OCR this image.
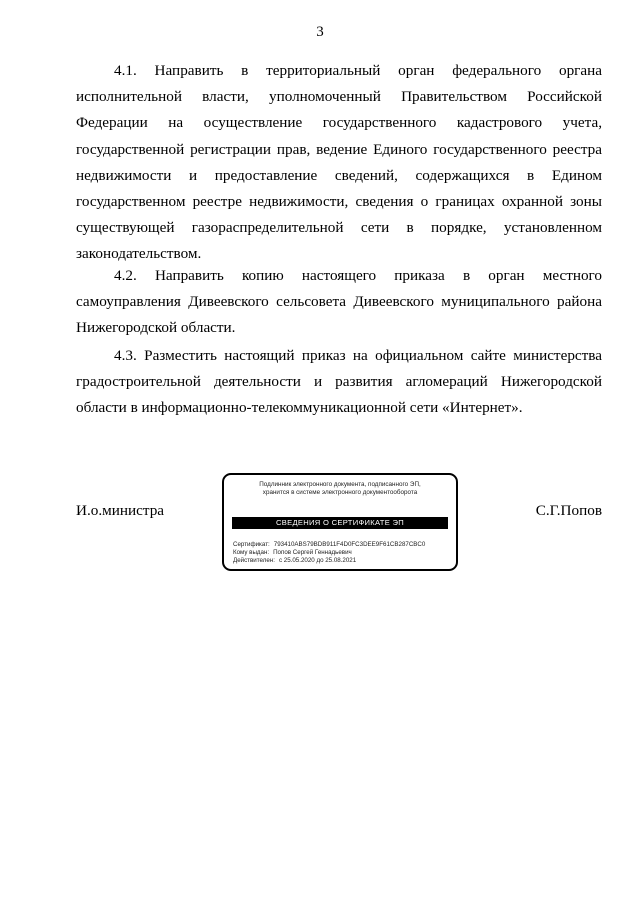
3

4.1. Направить в территориальный орган федерального органа исполнительной власти, уполномоченный Правительством Российской Федерации на осуществление государственного кадастрового учета, государственной регистрации прав, ведение Единого государственного реестра недвижимости и предоставление сведений, содержащихся в Едином государственном реестре недвижимости, сведения о границах охранной зоны существующей газораспределительной сети в порядке, установленном законодательством.

4.2. Направить копию настоящего приказа в орган местного самоуправления Дивеевского сельсовета Дивеевского муниципального района Нижегородской области.

4.3. Разместить настоящий приказ на официальном сайте министерства градостроительной деятельности и развития агломераций Нижегородской области в информационно-телекоммуникационной сети «Интернет».

И.о.министра	С.Г.Попов
Подлинник электронного документа, подписанного ЭП,
хранится в системе электронного документооборота
СВЕДЕНИЯ О СЕРТИФИКАТЕ ЭП
Сертификат: 793410ABS79BDB911F4D0FC3DEE9F61CB287CBC0
Кому выдан: Попов Сергей Геннадьевич
Действителен: с 25.05.2020 до 25.08.2021
